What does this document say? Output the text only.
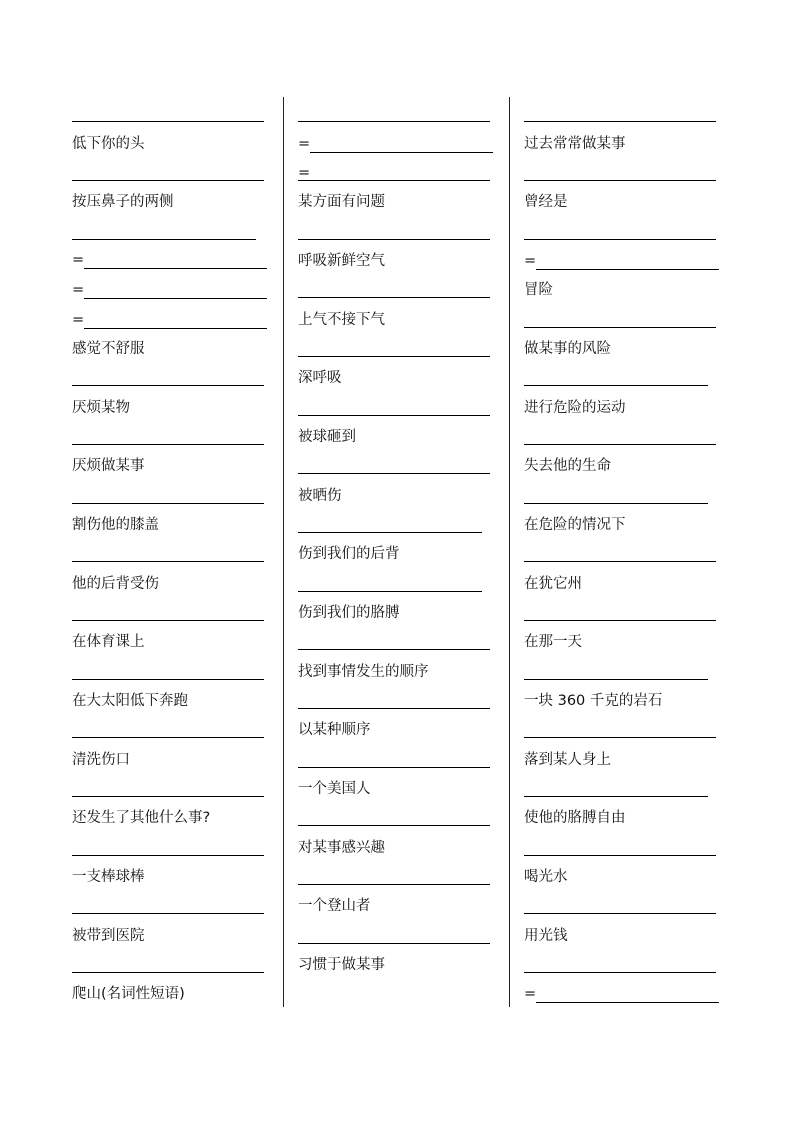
低下你的头
按压鼻子的两侧
=
=
=
感觉不舒服
厌烦某物
厌烦做某事
割伤他的膝盖
他的后背受伤
在体育课上
在大太阳低下奔跑
清洗伤口
还发生了其他什么事?
一支棒球棒
被带到医院
爬山(名词性短语)
=
=
某方面有问题
呼吸新鲜空气
上气不接下气
深呼吸
被球砸到
被晒伤
伤到我们的后背
伤到我们的胳膊
找到事情发生的顺序
以某种顺序
一个美国人
对某事感兴趣
一个登山者
习惯于做某事
过去常常做某事
曾经是
=
冒险
做某事的风险
进行危险的运动
失去他的生命
在危险的情况下
在犹它州
在那一天
一块 360 千克的岩石
落到某人身上
使他的胳膊自由
喝光水
用光钱
=
